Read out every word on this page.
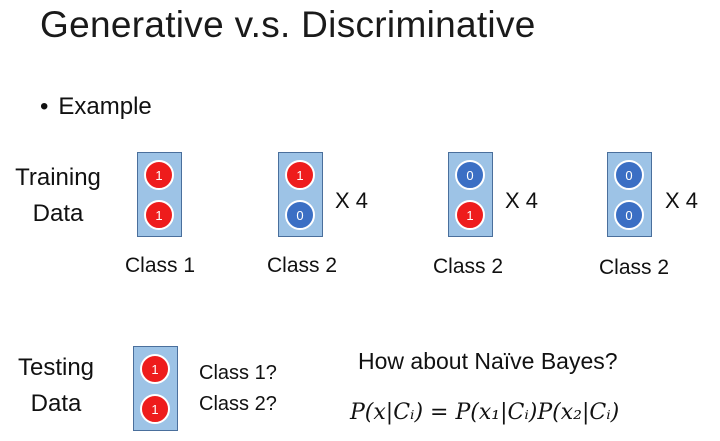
Generative v.s. Discriminative
• Example
Training
Data
1
1
Class 1
1
0
X 4
Class 2
0
1
X 4
Class 2
0
0
X 4
Class 2
Testing
Data
1
1
Class 1?
Class 2?
How about Naïve Bayes?
P(x|Cᵢ) = P(x₁|Cᵢ)P(x₂|Cᵢ)
